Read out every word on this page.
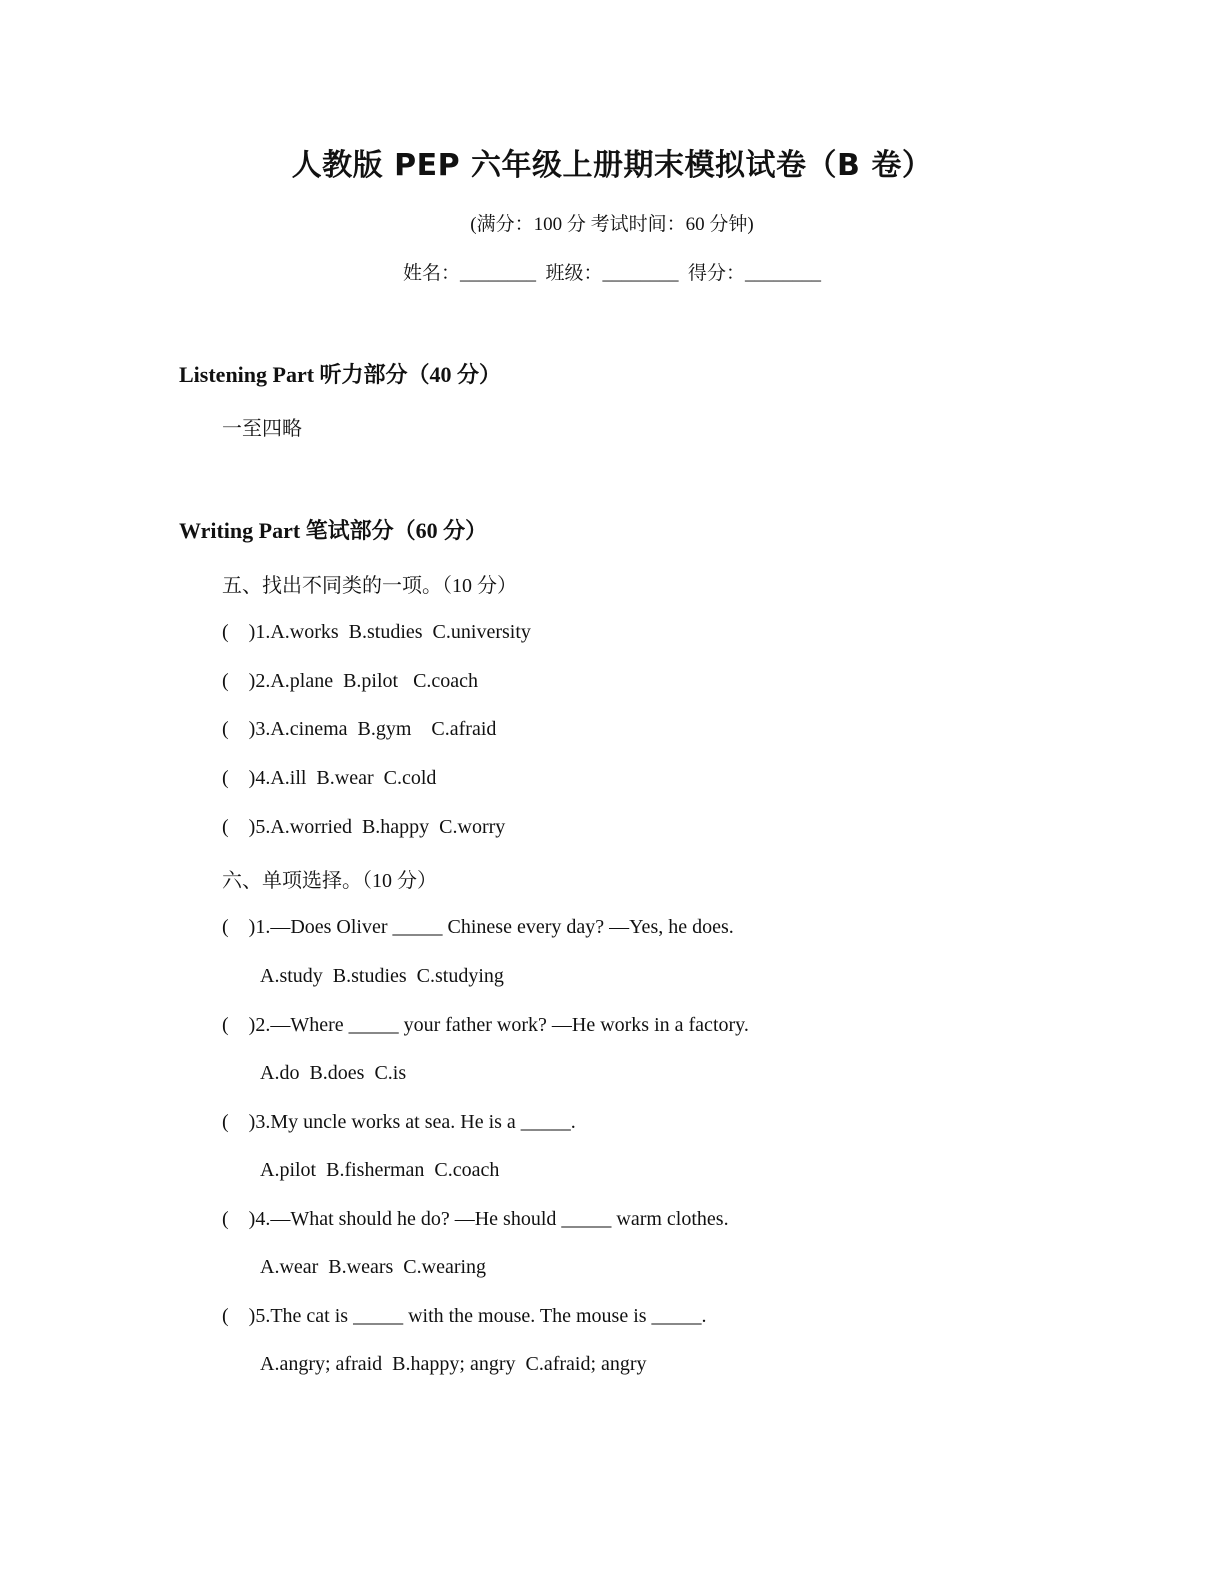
人教版 PEP 六年级上册期末模拟试卷（B 卷）
(满分：100 分 考试时间：60 分钟)
姓名：________  班级：________  得分：________
Listening Part 听力部分（40 分）
一至四略
Writing Part 笔试部分（60 分）
五、找出不同类的一项。（10 分）
(    )1.A.works  B.studies  C.university
(    )2.A.plane  B.pilot   C.coach
(    )3.A.cinema  B.gym    C.afraid
(    )4.A.ill  B.wear  C.cold
(    )5.A.worried  B.happy  C.worry
六、单项选择。（10 分）
(    )1.—Does Oliver _____ Chinese every day? —Yes, he does.
A.study  B.studies  C.studying
(    )2.—Where _____ your father work? —He works in a factory.
A.do  B.does  C.is
(    )3.My uncle works at sea. He is a _____.
A.pilot  B.fisherman  C.coach
(    )4.—What should he do? —He should _____ warm clothes.
A.wear  B.wears  C.wearing
(    )5.The cat is _____ with the mouse. The mouse is _____.
A.angry; afraid  B.happy; angry  C.afraid; angry
